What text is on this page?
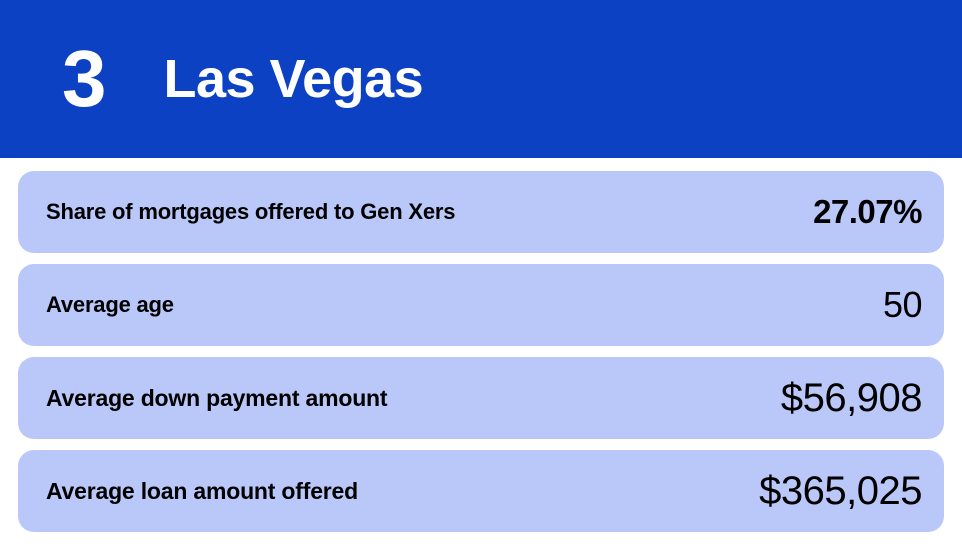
3 Las Vegas
Share of mortgages offered to Gen Xers	27.07%
Average age	50
Average down payment amount	$56,908
Average loan amount offered	$365,025
